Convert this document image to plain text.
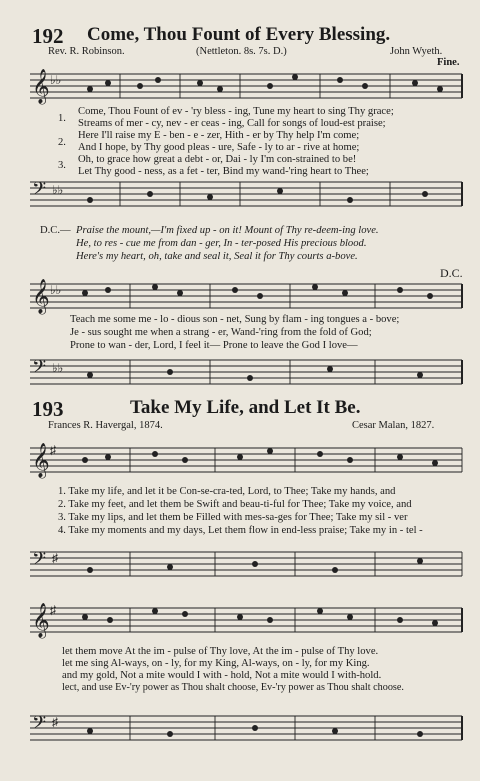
192 Come, Thou Fount of Every Blessing.
Rev. R. Robinson.	(Nettleton. 8s. 7s. D.)	John Wyeth.
Fine.
𝄞 ♭♭
1.
2.
3.
Come, Thou Fount of ev - 'ry bless - ing, Tune my heart to sing Thy grace;
Streams of mer - cy, nev - er ceas - ing, Call for songs of loud-est praise;
Here I'll raise my E - ben - e - zer, Hith - er by Thy help I'm come;
And I hope, by Thy good pleas - ure, Safe - ly to ar - rive at home;
Oh, to grace how great a debt - or, Dai - ly I'm con-strained to be!
Let Thy good - ness, as a fet - ter, Bind my wand-'ring heart to Thee;
𝄢 ♭♭
D.C.— Praise the mount,—I'm fixed up - on it! Mount of Thy re-deem-ing love.
He, to res - cue me from dan - ger, In - ter-posed His precious blood.
Here's my heart, oh, take and seal it, Seal it for Thy courts a-bove.
D.C.
𝄞 ♭♭
Teach me some me - lo - dious son - net, Sung by flam - ing tongues a - bove;
Je - sus sought me when a strang - er, Wand-'ring from the fold of God;
Prone to wan - der, Lord, I feel it— Prone to leave the God I love—
𝄢 ♭♭
193	Take My Life, and Let It Be.
Frances R. Havergal, 1874.	Cesar Malan, 1827.
𝄞 ♯
1. Take my life, and let it be Con-se-cra-ted, Lord, to Thee; Take my hands, and
2. Take my feet, and let them be Swift and beau-ti-ful for Thee; Take my voice, and
3. Take my lips, and let them be Filled with mes-sa-ges for Thee; Take my sil - ver
4. Take my moments and my days, Let them flow in end-less praise; Take my in - tel -
𝄢 ♯
𝄞 ♯
let them move At the im - pulse of Thy love, At the im - pulse of Thy love.
let me sing Al-ways, on - ly, for my King, Al-ways, on - ly, for my King.
and my gold, Not a mite would I with - hold, Not a mite would I with-hold.
lect, and use Ev-'ry power as Thou shalt choose, Ev-'ry power as Thou shalt choose.
𝄢 ♯
